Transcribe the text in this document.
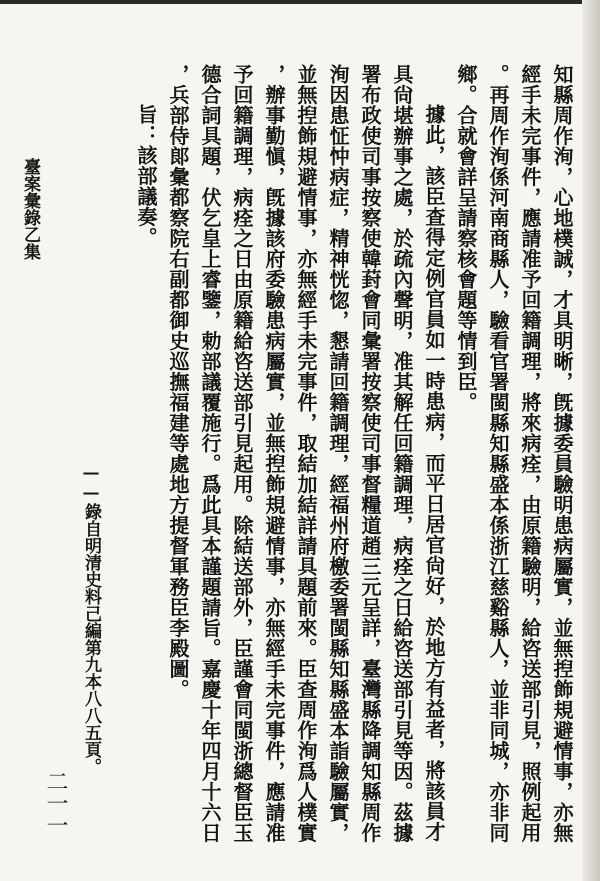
知縣周作洵，心地樸誠，才具明晰，旣據委員驗明患病屬實，並無揑飾規避情事，亦無
經手未完事件，應請准予回籍調理，將來病痊，由原籍驗明，給咨送部引見，照例起用
。再周作洵係河南商縣人，驗看官署閩縣知縣盛本係浙江慈谿縣人，並非同城，亦非同
鄉。合就會詳呈請察核會題等情到臣。
據此，該臣查得定例官員如一時患病，而平日居官尙好，於地方有益者，將該員才
具尙堪辦事之處，於疏內聲明，准其解任回籍調理，病痊之日給咨送部引見等因。茲據
署布政使司事按察使韓葑會同彙署按察使司事督糧道趙三元呈詳，臺灣縣降調知縣周作
洵因患怔忡病症，精神恍惚，懇請回籍調理，經福州府檄委署閩縣知縣盛本詣驗屬實，
並無揑飾規避情事，亦無經手未完事件，取結加結詳請具題前來。臣查周作洵爲人樸實
，辦事勤愼，旣據該府委驗患病屬實，並無揑飾規避情事，亦無經手未完事件，應請准
予回籍調理，病痊之日由原籍給咨送部引見起用。除結送部外，臣謹會同閩浙總督臣玉
德合詞具題，伏乞皇上睿鑒，勅部議覆施行。爲此具本謹題請旨。嘉慶十年四月十六日
，兵部侍郞彙都察院右副都御史巡撫福建等處地方提督軍務臣李殿圖。
旨：該部議奏。
——錄自明清史料己編第九本八八五頁。
臺案彙錄乙集
二一一
